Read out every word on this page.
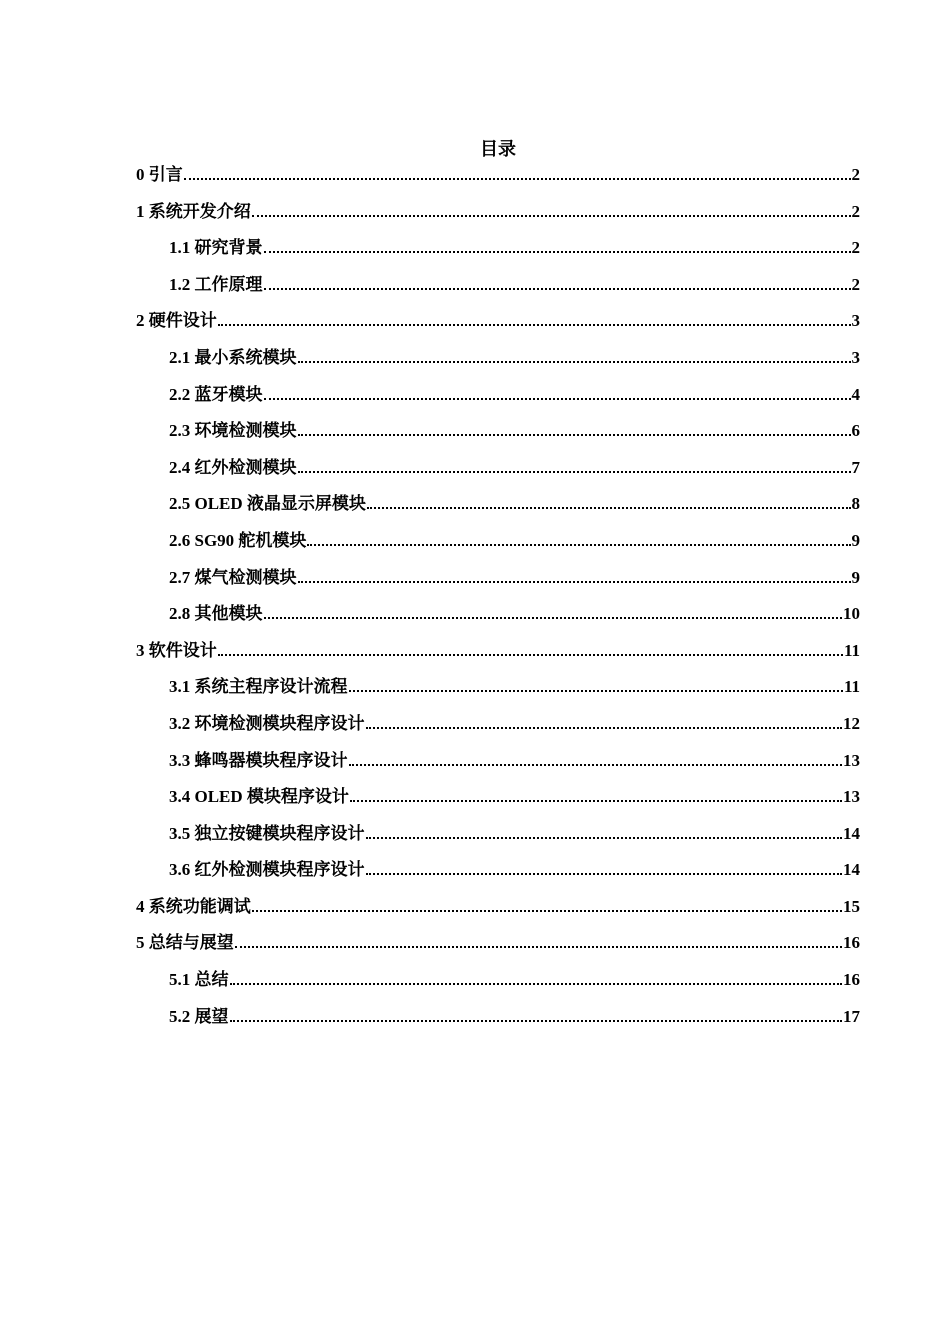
目录
0 引言	2
1 系统开发介绍	2
1.1 研究背景	2
1.2 工作原理	2
2 硬件设计	3
2.1 最小系统模块	3
2.2 蓝牙模块	4
2.3 环境检测模块	6
2.4 红外检测模块	7
2.5 OLED 液晶显示屏模块	8
2.6 SG90 舵机模块	9
2.7 煤气检测模块	9
2.8 其他模块	10
3 软件设计	11
3.1 系统主程序设计流程	11
3.2 环境检测模块程序设计	12
3.3 蜂鸣器模块程序设计	13
3.4 OLED 模块程序设计	13
3.5 独立按键模块程序设计	14
3.6 红外检测模块程序设计	14
4 系统功能调试	15
5 总结与展望	16
5.1 总结	16
5.2 展望	17
